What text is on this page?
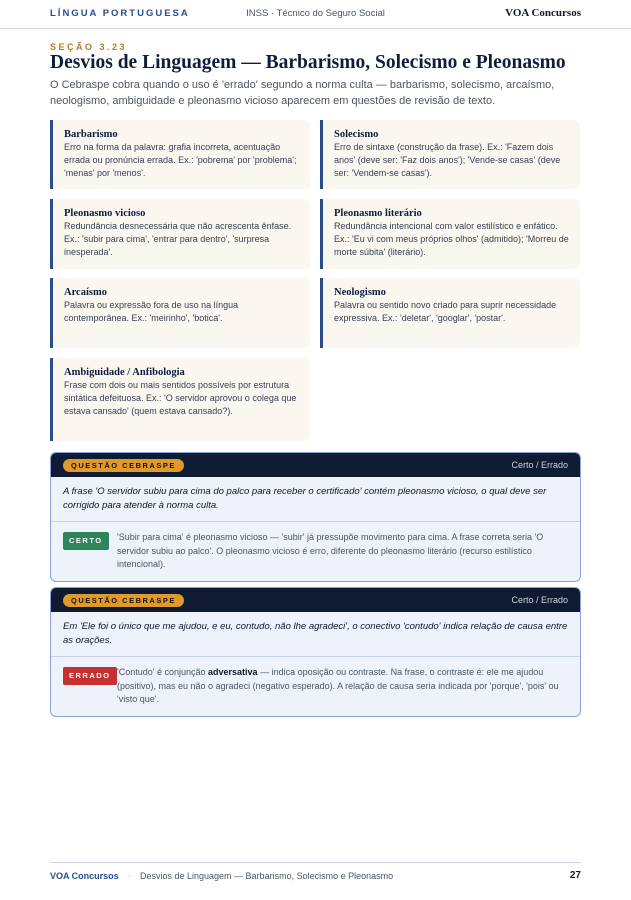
LÍNGUA PORTUGUESA	INSS · Técnico do Seguro Social	VOA Concursos
SEÇÃO 3.23
Desvios de Linguagem — Barbarismo, Solecismo e Pleonasmo

O Cebraspe cobra quando o uso é 'errado' segundo a norma culta — barbarismo, solecismo, arcaísmo, neologismo, ambiguidade e pleonasmo vicioso aparecem em questões de revisão de texto.

Barbarismo
Erro na forma da palavra: grafia incorreta, acentuação errada ou pronúncia errada. Ex.: 'pobrema' por 'problema'; 'menas' por 'menos'.
Solecismo
Erro de sintaxe (construção da frase). Ex.: 'Fazem dois anos' (deve ser: 'Faz dois anos'); 'Vende-se casas' (deve ser: 'Vendem-se casas').
Pleonasmo vicioso
Redundância desnecessária que não acrescenta ênfase. Ex.: 'subir para cima', 'entrar para dentro', 'surpresa inesperada'.
Pleonasmo literário
Redundância intencional com valor estilístico e enfático. Ex.: 'Eu vi com meus próprios olhos' (admitido); 'Morreu de morte súbita' (literário).
Arcaísmo
Palavra ou expressão fora de uso na língua contemporânea. Ex.: 'meirinho', 'botica'.
Neologismo
Palavra ou sentido novo criado para suprir necessidade expressiva. Ex.: 'deletar', 'googlar', 'postar'.
Ambiguidade / Anfibologia
Frase com dois ou mais sentidos possíveis por estrutura sintática defeituosa. Ex.: 'O servidor aprovou o colega que estava cansado' (quem estava cansado?).
QUESTÃO CEBRASPE	Certo / Errado
A frase 'O servidor subiu para cima do palco para receber o certificado' contém pleonasmo vicioso, o qual deve ser corrigido para atender à norma culta.
CERTO	'Subir para cima' é pleonasmo vicioso — 'subir' já pressupõe movimento para cima. A frase correta seria 'O servidor subiu ao palco'. O pleonasmo vicioso é erro, diferente do pleonasmo literário (recurso estilístico intencional).
QUESTÃO CEBRASPE	Certo / Errado
Em 'Ele foi o único que me ajudou, e eu, contudo, não lhe agradeci', o conectivo 'contudo' indica relação de causa entre as orações.
ERRADO 'Contudo' é conjunção adversativa — indica oposição ou contraste. Na frase, o contraste é: ele me ajudou (positivo), mas eu não o agradeci (negativo esperado). A relação de causa seria indicada por 'porque', 'pois' ou 'visto que'.
VOA Concursos · Desvios de Linguagem — Barbarismo, Solecismo e Pleonasmo	27
